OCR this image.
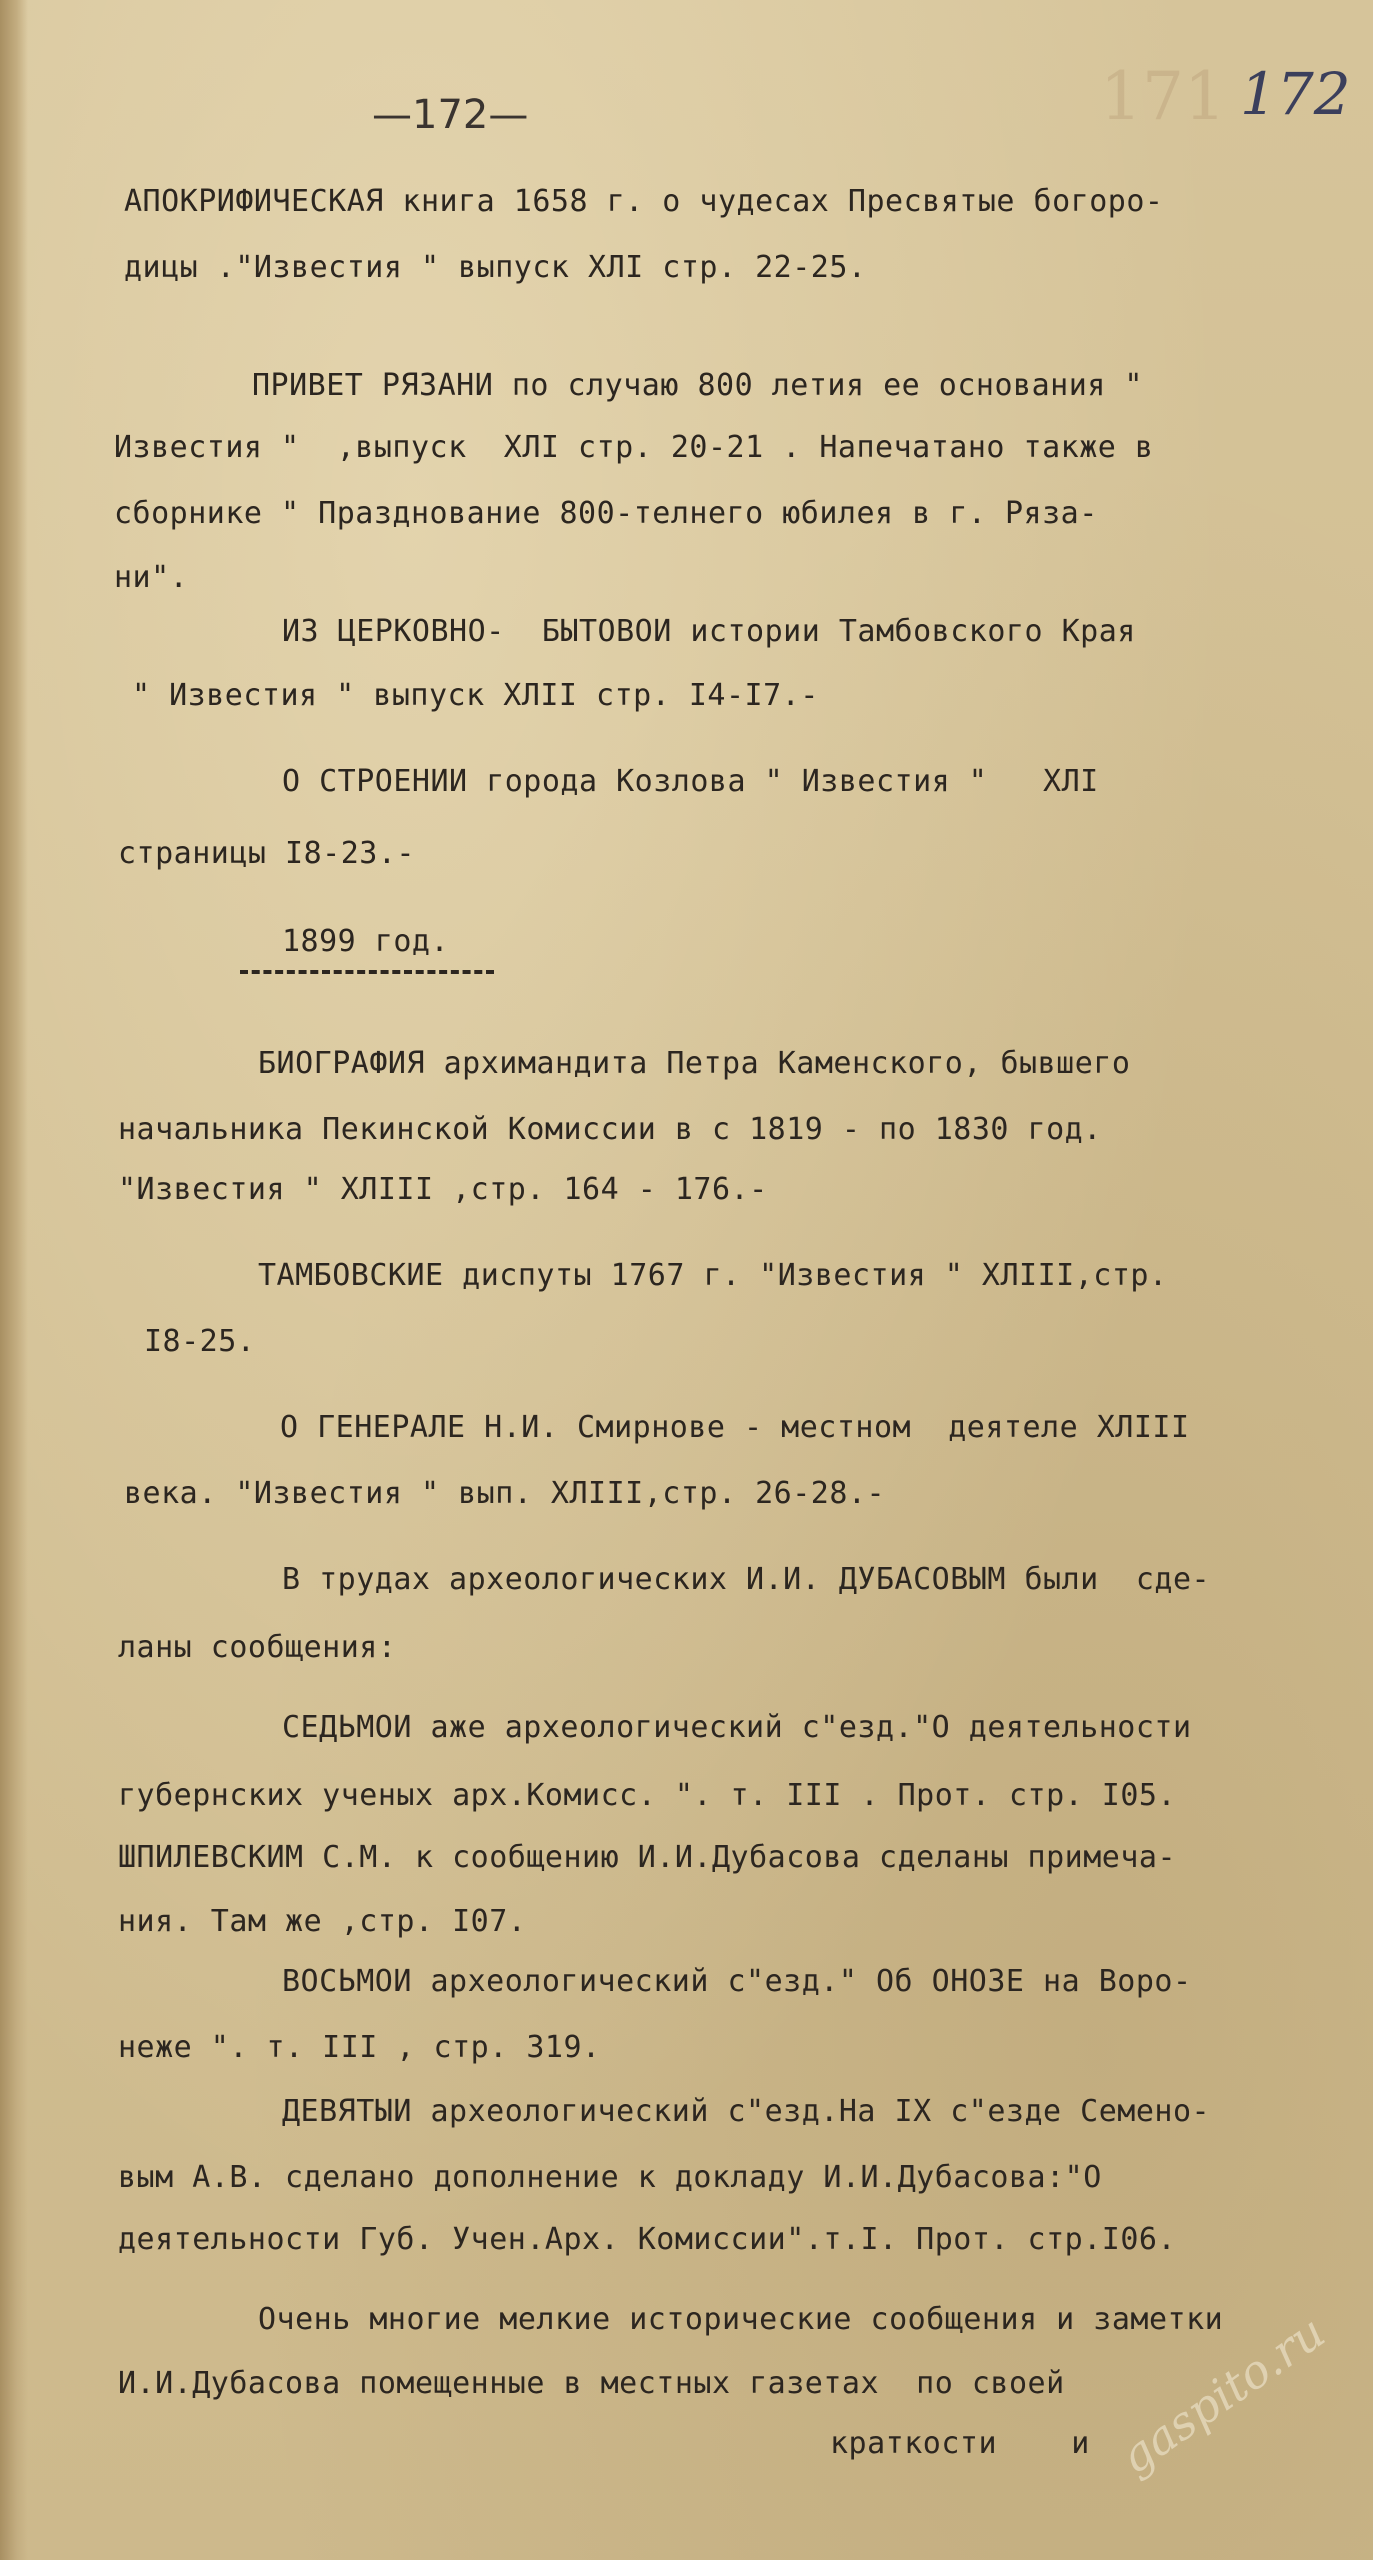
171
—172—	172
АПОКРИФИЧЕСКАЯ книга 1658 г. о чудесах Пресвятые богоро-
дицы ."Известия " выпуск ХЛI стр. 22-25.
ПРИВЕТ РЯЗАНИ по случаю 800 летия ее основания "
Известия "  ,выпуск  ХЛI стр. 20-21 . Напечатано также в
сборнике " Празднование 800-телнего юбилея в г. Ряза-
ни".
ИЗ ЦЕРКОВНО-  БЫТОВОИ истории Тамбовского Края
" Известия " выпуск ХЛII стр. I4-I7.-
О СТРОЕНИИ города Козлова " Известия "   ХЛI
страницы I8-23.-
1899 год.
БИОГРАФИЯ архимандита Петра Каменского, бывшего
начальника Пекинской Комиссии в с 1819 - по 1830 год.
"Известия " ХЛIII ,стр. 164 - 176.-
ТАМБОВСКИЕ диспуты 1767 г. "Известия " ХЛIII,стр.
I8-25.
О ГЕНЕРАЛЕ Н.И. Смирнове - местном  деятеле ХЛIII
века. "Известия " вып. ХЛIII,стр. 26-28.-
В трудах археологических И.И. ДУБАСОВЫМ были  сде-
ланы сообщения:
СЕДЬМОИ аже археологический с"езд."О деятельности
губернских ученых арх.Комисс. ". т. III . Прот. стр. I05.
ШПИЛЕВСКИМ С.М. к сообщению И.И.Дубасова сделаны примеча-
ния. Там же ,стр. I07.
ВОСЬМОИ археологический с"езд." Об ОНОЗЕ на Воро-
неже ". т. III , стр. 319.
ДЕВЯТЫИ археологический с"езд.На IX с"езде Семено-
вым А.В. сделано дополнение к докладу И.И.Дубасова:"О
деятельности Губ. Учен.Арх. Комиссии".т.I. Прот. стр.I06.
Очень многие мелкие исторические сообщения и заметки
И.И.Дубасова помещенные в местных газетах  по своей
краткости    и gaspito.ru
